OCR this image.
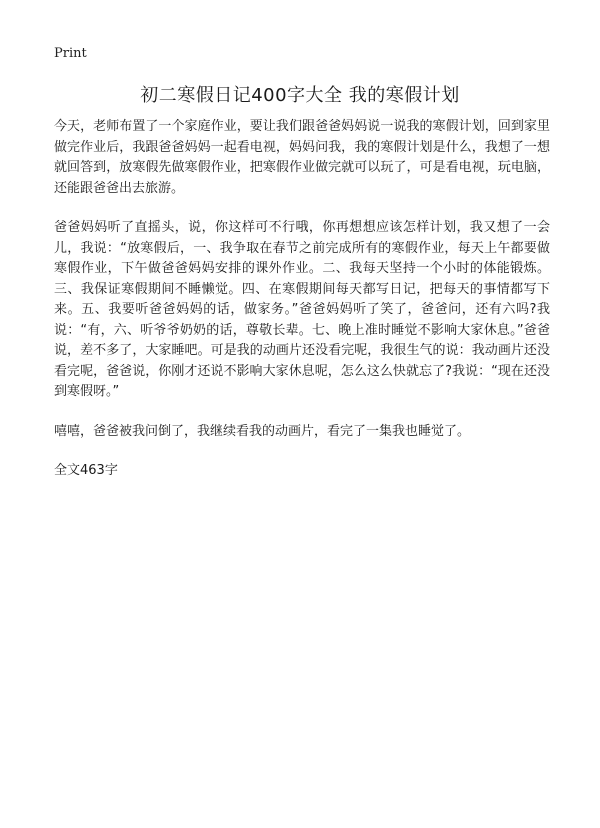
Print
初二寒假日记400字大全 我的寒假计划

今天，老师布置了一个家庭作业，要让我们跟爸爸妈妈说一说我的寒假计划，回到家里做完作业后，我跟爸爸妈妈一起看电视，妈妈问我，我的寒假计划是什么，我想了一想就回答到，放寒假先做寒假作业，把寒假作业做完就可以玩了，可是看电视，玩电脑，还能跟爸爸出去旅游。

爸爸妈妈听了直摇头，说，你这样可不行哦，你再想想应该怎样计划，我又想了一会儿，我说：“放寒假后，一、我争取在春节之前完成所有的寒假作业，每天上午都要做寒假作业，下午做爸爸妈妈安排的课外作业。二、我每天坚持一个小时的体能锻炼。三、我保证寒假期间不睡懒觉。四、在寒假期间每天都写日记，把每天的事情都写下来。五、我要听爸爸妈妈的话，做家务。”爸爸妈妈听了笑了，爸爸问，还有六吗?我说：“有，六、听爷爷奶奶的话，尊敬长辈。七、晚上准时睡觉不影响大家休息。”爸爸说，差不多了，大家睡吧。可是我的动画片还没看完呢，我很生气的说：我动画片还没看完呢，爸爸说，你刚才还说不影响大家休息呢，怎么这么快就忘了?我说：“现在还没到寒假呀。”

嘻嘻，爸爸被我问倒了，我继续看我的动画片，看完了一集我也睡觉了。

全文463字
